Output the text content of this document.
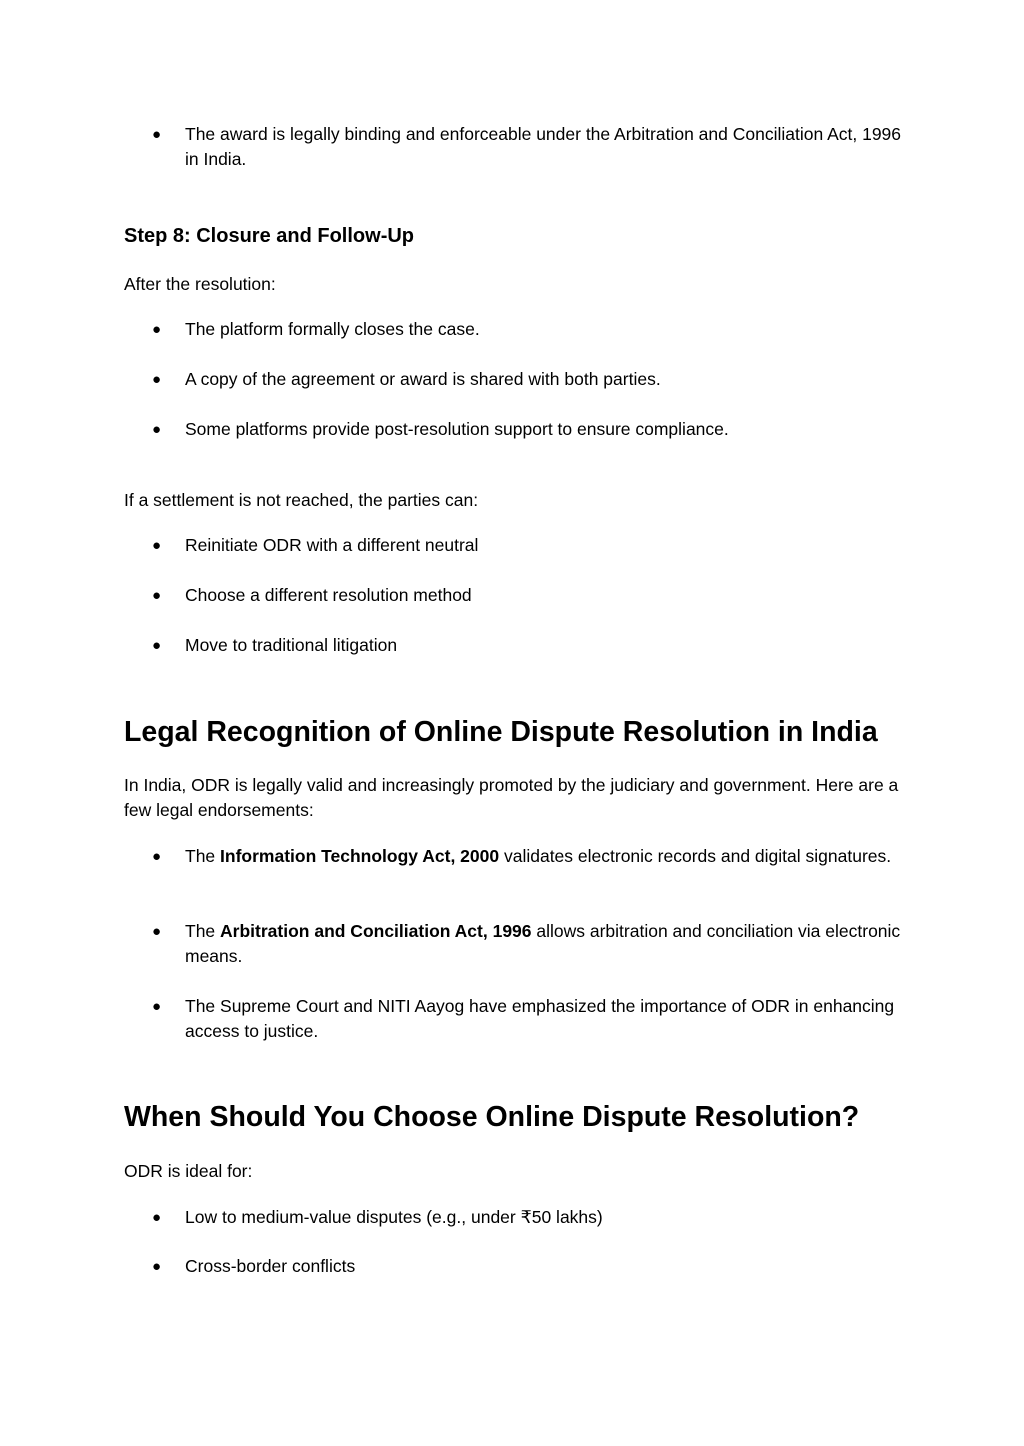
● The award is legally binding and enforceable under the Arbitration and Conciliation Act, 1996 in India.
Step 8: Closure and Follow-Up

After the resolution:

● The platform formally closes the case.
● A copy of the agreement or award is shared with both parties.
● Some platforms provide post-resolution support to ensure compliance.

If a settlement is not reached, the parties can:

● Reinitiate ODR with a different neutral
● Choose a different resolution method
● Move to traditional litigation
Legal Recognition of Online Dispute Resolution in India

In India, ODR is legally valid and increasingly promoted by the judiciary and government. Here are a few legal endorsements:

● The Information Technology Act, 2000 validates electronic records and digital signatures.
● The Arbitration and Conciliation Act, 1996 allows arbitration and conciliation via electronic means.
● The Supreme Court and NITI Aayog have emphasized the importance of ODR in enhancing access to justice.
When Should You Choose Online Dispute Resolution?

ODR is ideal for:

● Low to medium-value disputes (e.g., under ₹50 lakhs)
● Cross-border conflicts
